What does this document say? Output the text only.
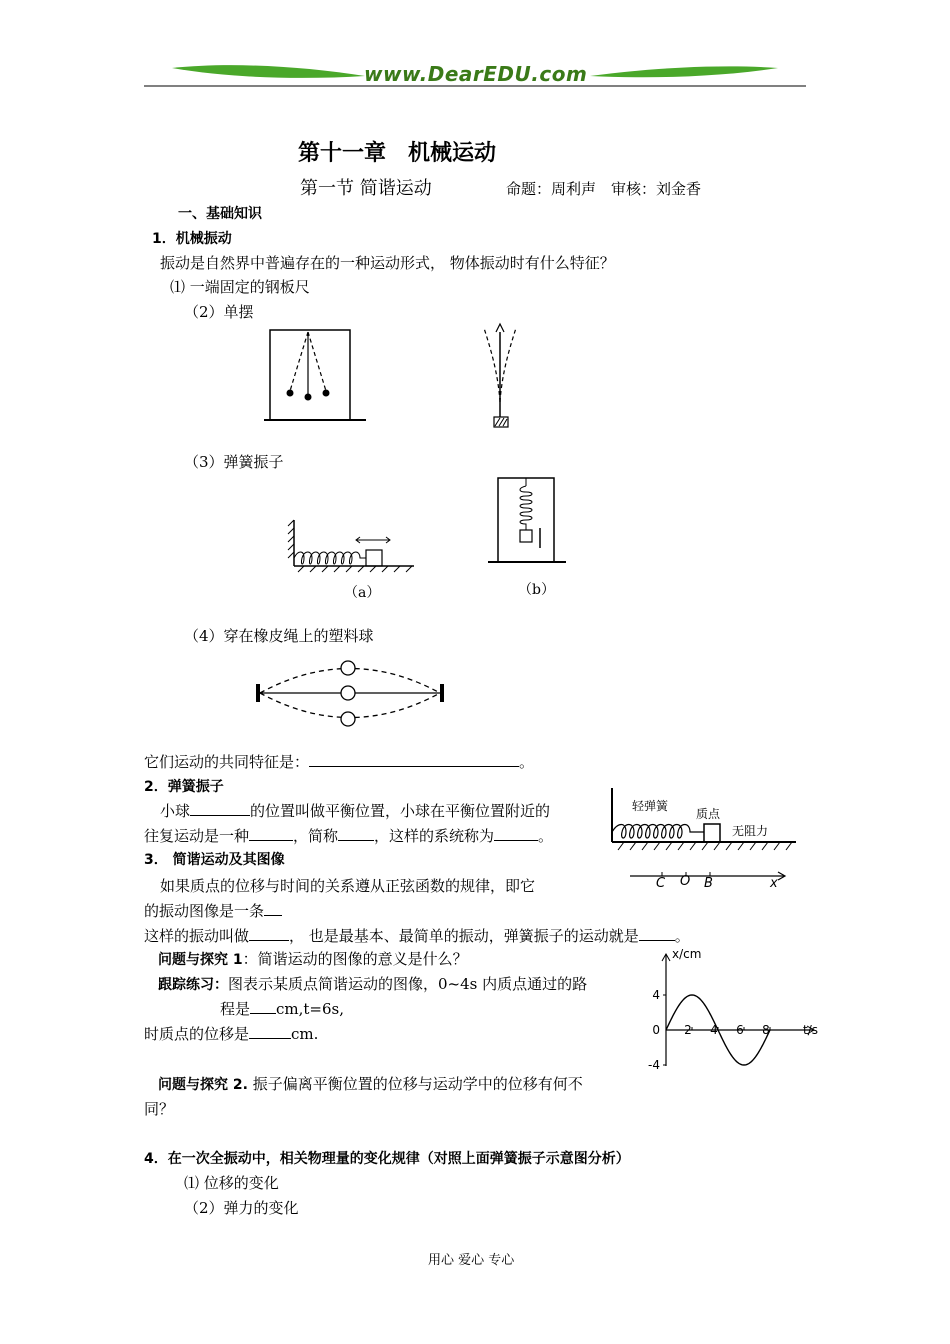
www.DearEDU.com
第十一章　机械运动
第一节 简谐运动	命题：周利声　审核：刘金香
一、基础知识
1．机械振动
振动是自然界中普遍存在的一种运动形式， 物体振动时有什么特征？
⑴ 一端固定的钢板尺
（2）单摆
（3）弹簧振子
（a）	（b）
（4）穿在橡皮绳上的塑料球
它们运动的共同特征是：	。
2．弹簧振子
小球	的位置叫做平衡位置，小球在平衡位置附近的
往复运动是一种	，简称 ，这样的系统称为	。
轻弹簧
质点
无阻力
3． 简谐运动及其图像
C O B	x
如果质点的位移与时间的关系遵从正弦函数的规律，即它
的振动图像是一条
这样的振动叫做	， 也是最基本、最简单的振动，弹簧振子的运动就是 。
问题与探究 1：简谐运动的图像的意义是什么？
跟踪练习：图表示某质点简谐运动的图像，0~4s 内质点通过的路
程是 cm,t=6s,
时质点的位移是	cm.
x/cm
t/s
4
0
-4
2 4 6 8
问题与探究 2. 振子偏离平衡位置的位移与运动学中的位移有何不
同？
4．在一次全振动中，相关物理量的变化规律（对照上面弹簧振子示意图分析）
⑴ 位移的变化
（2）弹力的变化
用心 爱心 专心
